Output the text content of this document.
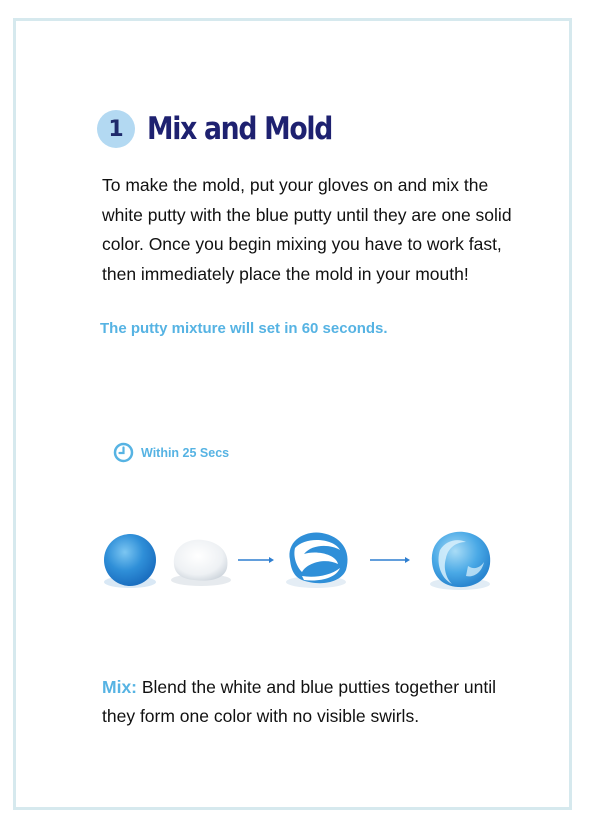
1 Mix and Mold

To make the mold, put your gloves on and mix the white putty with the blue putty until they are one solid color. Once you begin mixing you have to work fast, then immediately place the mold in your mouth!

The putty mixture will set in 60 seconds.

Within 25 Secs

Mix: Blend the white and blue putties together until they form one color with no visible swirls.
